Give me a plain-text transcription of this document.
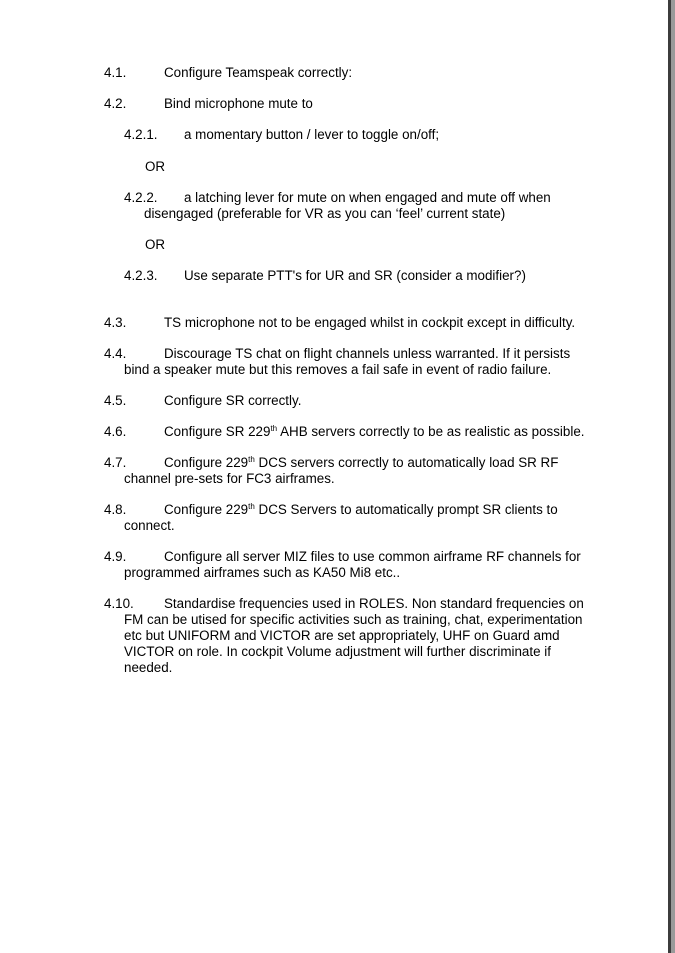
4.1.	Configure Teamspeak correctly:
4.2.	Bind microphone mute to
4.2.1. a momentary button / lever to toggle on/off;
OR
4.2.2. a latching lever for mute on when engaged and mute off when
disengaged (preferable for VR as you can ‘feel’ current state)
OR
4.2.3. Use separate PTT's for UR and SR (consider a modifier?)
4.3.	TS microphone not to be engaged whilst in cockpit except in difficulty.
4.4.	Discourage TS chat on flight channels unless warranted. If it persists
bind a speaker mute but this removes a fail safe in event of radio failure.
4.5.	Configure SR correctly.
4.6.	Configure SR 229th AHB servers correctly to be as realistic as possible.
4.7.	Configure 229th DCS servers correctly to automatically load SR RF
channel pre-sets for FC3 airframes.
4.8.	Configure 229th DCS Servers to automatically prompt SR clients to
connect.
4.9.	Configure all server MIZ files to use common airframe RF channels for
programmed airframes such as KA50 Mi8 etc..
4.10. Standardise frequencies used in ROLES. Non standard frequencies on
FM can be utised for specific activities such as training, chat, experimentation
etc but UNIFORM and VICTOR are set appropriately, UHF on Guard amd
VICTOR on role. In cockpit Volume adjustment will further discriminate if
needed.
